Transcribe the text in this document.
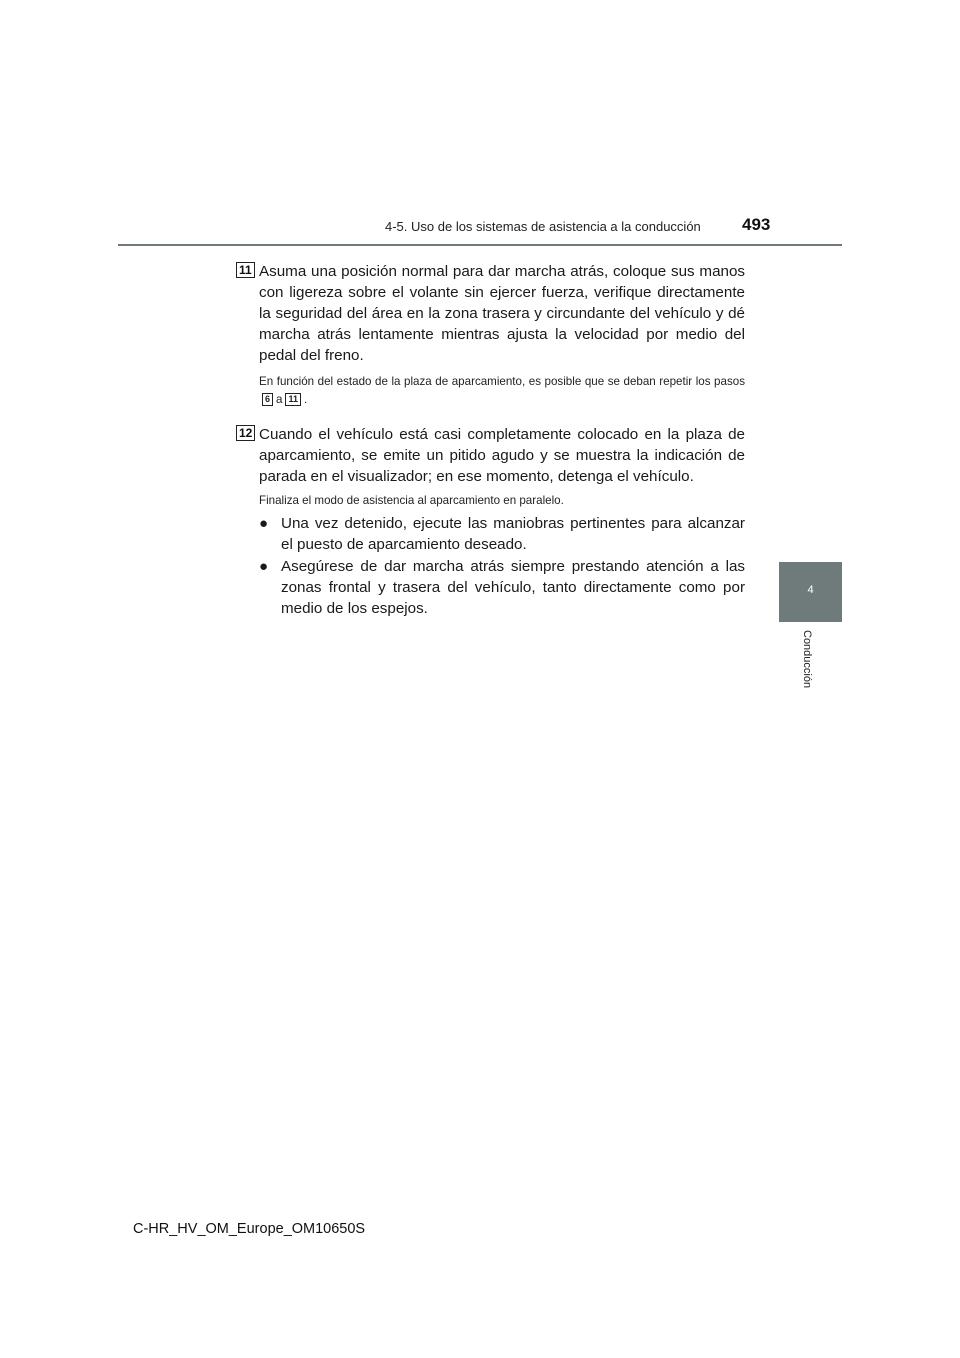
4-5. Uso de los sistemas de asistencia a la conducción 493
4
Conducción
11 Asuma una posición normal para dar marcha atrás, coloque sus manos con ligereza sobre el volante sin ejercer fuerza, verifique directamente la seguridad del área en la zona trasera y circundante del vehículo y dé marcha atrás lentamente mientras ajusta la velocidad por medio del pedal del freno.

En función del estado de la plaza de aparcamiento, es posible que se deban repetir los pasos 6 a 11 .

12 Cuando el vehículo está casi completamente colocado en la plaza de aparcamiento, se emite un pitido agudo y se muestra la indicación de parada en el visualizador; en ese momento, detenga el vehículo.

Finaliza el modo de asistencia al aparcamiento en paralelo.

● Una vez detenido, ejecute las maniobras pertinentes para alcanzar el puesto de aparcamiento deseado.
● Asegúrese de dar marcha atrás siempre prestando atención a las zonas frontal y trasera del vehículo, tanto directamente como por medio de los espejos.
C-HR_HV_OM_Europe_OM10650S
